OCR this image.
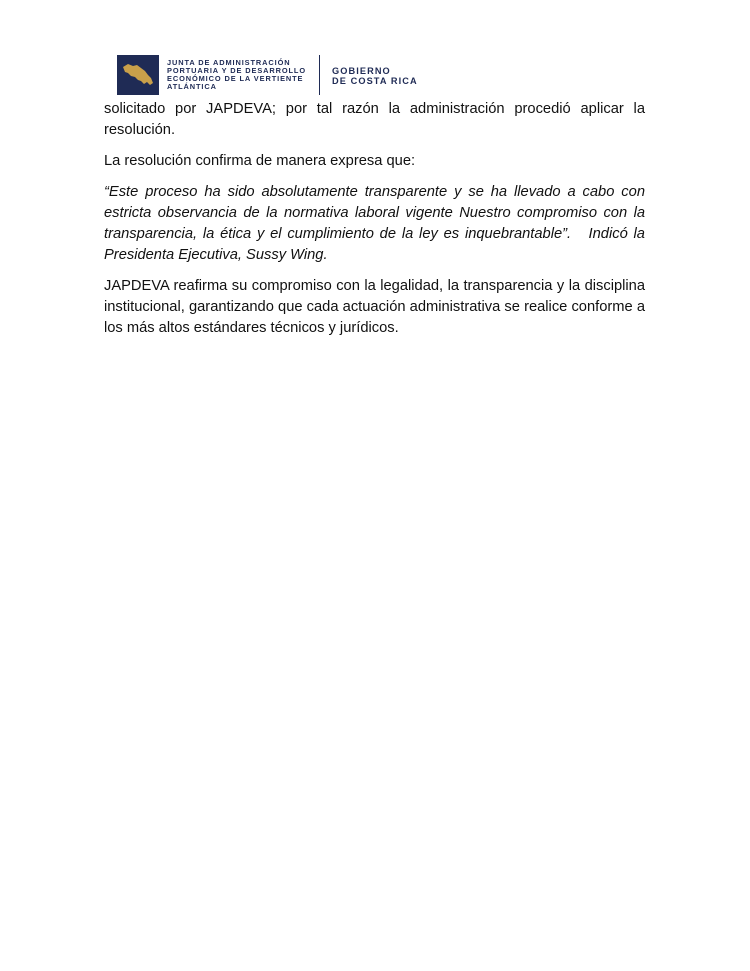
JUNTA DE ADMINISTRACIÓN
PORTUARIA Y DE DESARROLLO
ECONÓMICO DE LA VERTIENTE
ATLÁNTICA
GOBIERNO
DE COSTA RICA

solicitado por JAPDEVA; por tal razón la administración procedió aplicar la resolución.

La resolución confirma de manera expresa que:

“Este proceso ha sido absolutamente transparente y se ha llevado a cabo con estricta observancia de la normativa laboral vigente Nuestro compromiso con la transparencia, la ética y el cumplimiento de la ley es inquebrantable”. Indicó la Presidenta Ejecutiva, Sussy Wing.

JAPDEVA reafirma su compromiso con la legalidad, la transparencia y la disciplina institucional, garantizando que cada actuación administrativa se realice conforme a los más altos estándares técnicos y jurídicos.
